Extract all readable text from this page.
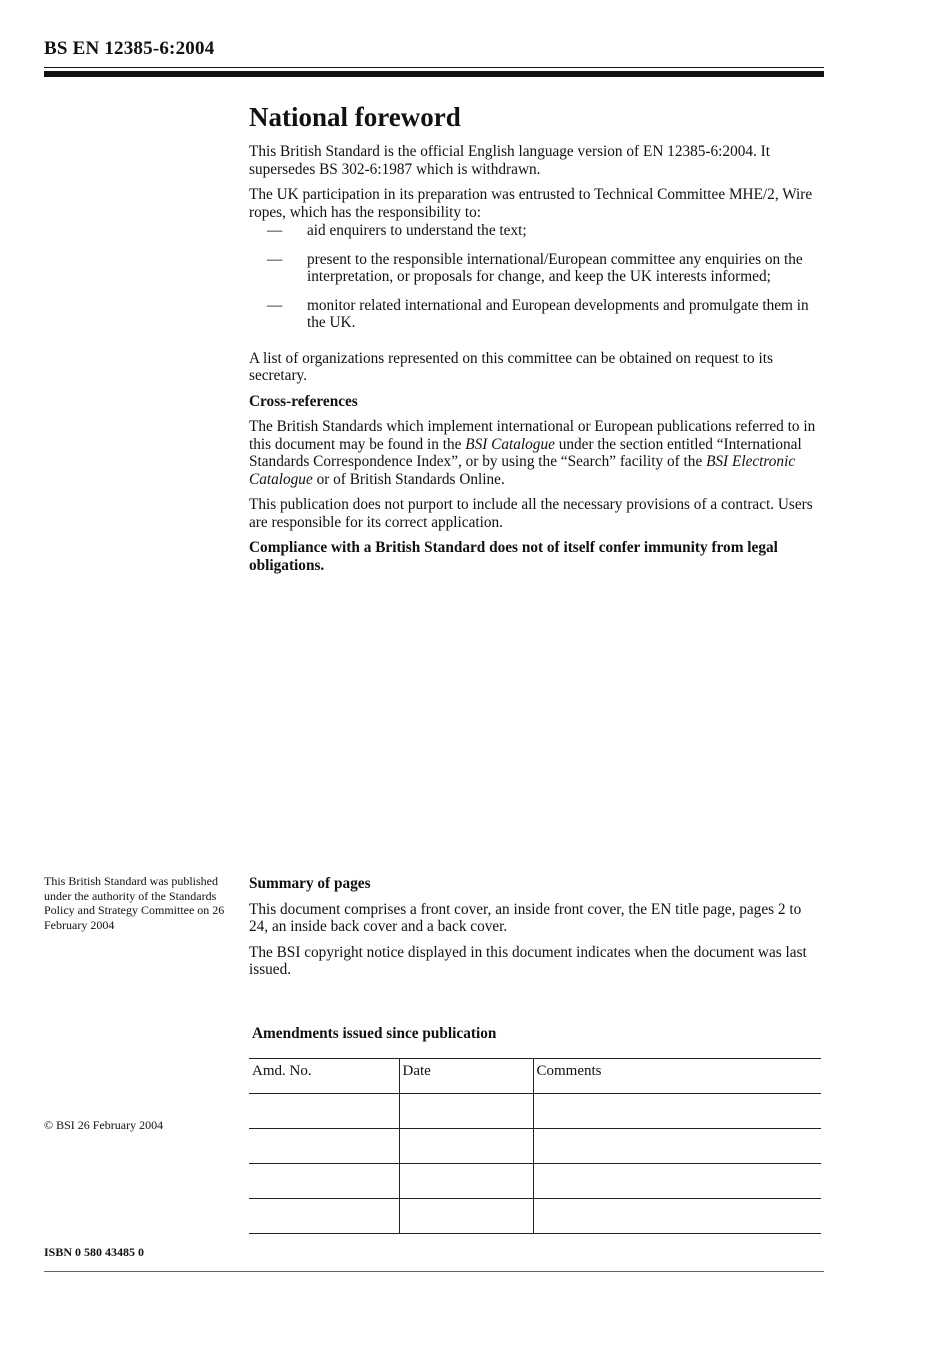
BS EN 12385-6:2004
National foreword

This British Standard is the official English language version of EN 12385-6:2004. It supersedes BS 302-6:1987 which is withdrawn.

The UK participation in its preparation was entrusted to Technical Committee MHE/2, Wire ropes, which has the responsibility to:

— aid enquirers to understand the text;
— present to the responsible international/European committee any enquiries on the interpretation, or proposals for change, and keep the UK interests informed;
— monitor related international and European developments and promulgate them in the UK.

A list of organizations represented on this committee can be obtained on request to its secretary.

Cross-references

The British Standards which implement international or European publications referred to in this document may be found in the BSI Catalogue under the section entitled “International Standards Correspondence Index”, or by using the “Search” facility of the BSI Electronic Catalogue or of British Standards Online.

This publication does not purport to include all the necessary provisions of a contract. Users are responsible for its correct application.

Compliance with a British Standard does not of itself confer immunity from legal obligations.

This British Standard was published under the authority of the Standards Policy and Strategy Committee on 26 February 2004

Summary of pages

This document comprises a front cover, an inside front cover, the EN title page, pages 2 to 24, an inside back cover and a back cover.

The BSI copyright notice displayed in this document indicates when the document was last issued.

Amendments issued since publication
Amd. No.	Date	Comments

© BSI 26 February 2004
ISBN 0 580 43485 0
